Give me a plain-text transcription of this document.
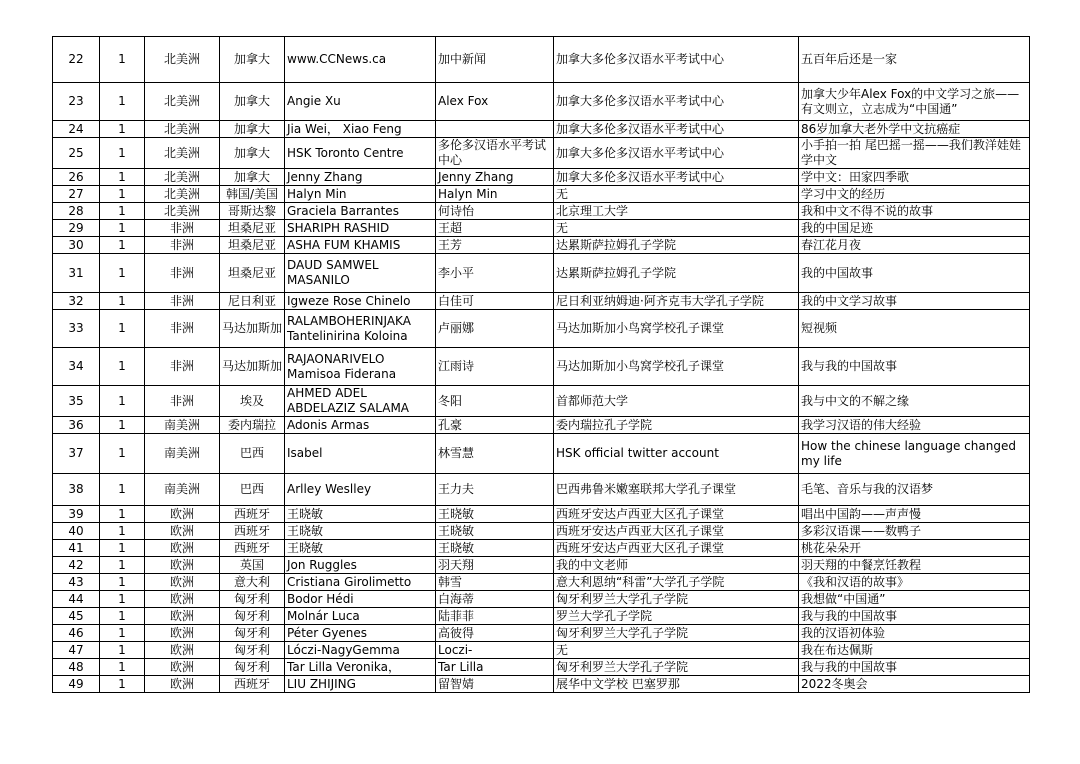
22	1	北美洲	加拿大	www.CCNews.ca	加中新闻	加拿大多伦多汉语水平考试中心	五百年后还是一家
23	1	北美洲	加拿大	Angie Xu	Alex Fox	加拿大多伦多汉语水平考试中心	加拿大少年Alex Fox的中文学习之旅——有文则立，立志成为“中国通”
24	1	北美洲	加拿大	Jia Wei， Xiao Feng		加拿大多伦多汉语水平考试中心	86岁加拿大老外学中文抗癌症
25	1	北美洲	加拿大	HSK Toronto Centre	多伦多汉语水平考试中心	加拿大多伦多汉语水平考试中心	小手拍一拍 尾巴摇一摇——我们教洋娃娃学中文
26	1	北美洲	加拿大	Jenny Zhang	Jenny Zhang	加拿大多伦多汉语水平考试中心	学中文：田家四季歌
27	1	北美洲	韩国/美国	Halyn Min	Halyn Min	无	学习中文的经历
28	1	北美洲	哥斯达黎	Graciela Barrantes	何诗怡	北京理工大学	我和中文不得不说的故事
29	1	非洲	坦桑尼亚	SHARIPH RASHID	王超	无	我的中国足迹
30	1	非洲	坦桑尼亚	ASHA FUM KHAMIS	王芳	达累斯萨拉姆孔子学院	春江花月夜
31	1	非洲	坦桑尼亚	DAUD SAMWEL MASANILO	李小平	达累斯萨拉姆孔子学院	我的中国故事
32	1	非洲	尼日利亚	Igweze Rose Chinelo	白佳可	尼日利亚纳姆迪·阿齐克韦大学孔子学院	我的中文学习故事
33	1	非洲	马达加斯加	RALAMBOHERINJAKA Tantelinirina Koloina	卢丽娜	马达加斯加小鸟窝学校孔子课堂	短视频
34	1	非洲	马达加斯加	RAJAONARIVELO Mamisoa Fiderana	江雨诗	马达加斯加小鸟窝学校孔子课堂	我与我的中国故事
35	1	非洲	埃及	AHMED ADEL ABDELAZIZ SALAMA	冬阳	首都师范大学	我与中文的不解之缘
36	1	南美洲	委内瑞拉	Adonis Armas	孔豪	委内瑞拉孔子学院	我学习汉语的伟大经验
37	1	南美洲	巴西	Isabel	林雪慧	HSK official twitter account	How the chinese language changed my life
38	1	南美洲	巴西	Arlley Weslley	王力夫	巴西弗鲁米嫩塞联邦大学孔子课堂	毛笔、音乐与我的汉语梦
39	1	欧洲	西班牙	王晓敏	王晓敏	西班牙安达卢西亚大区孔子课堂	唱出中国韵——声声慢
40	1	欧洲	西班牙	王晓敏	王晓敏	西班牙安达卢西亚大区孔子课堂	多彩汉语课——数鸭子
41	1	欧洲	西班牙	王晓敏	王晓敏	西班牙安达卢西亚大区孔子课堂	桃花朵朵开
42	1	欧洲	英国	Jon Ruggles	羽天翔	我的中文老师	羽天翔的中餐烹饪教程
43	1	欧洲	意大利	Cristiana Girolimetto	韩雪	意大利恩纳“科雷”大学孔子学院	《我和汉语的故事》
44	1	欧洲	匈牙利	Bodor Hédi	白海蒂	匈牙利罗兰大学孔子学院	我想做“中国通”
45	1	欧洲	匈牙利	Molnár Luca	陆菲菲	罗兰大学孔子学院	我与我的中国故事
46	1	欧洲	匈牙利	Péter Gyenes	高彼得	匈牙利罗兰大学孔子学院	我的汉语初体验
47	1	欧洲	匈牙利	Lóczi-NagyGemma	Loczi-	无	我在布达佩斯
48	1	欧洲	匈牙利	Tar Lilla Veronika，	Tar Lilla	匈牙利罗兰大学孔子学院	我与我的中国故事
49	1	欧洲	西班牙	LIU ZHIJING	留智婧	展华中文学校 巴塞罗那	2022冬奥会
